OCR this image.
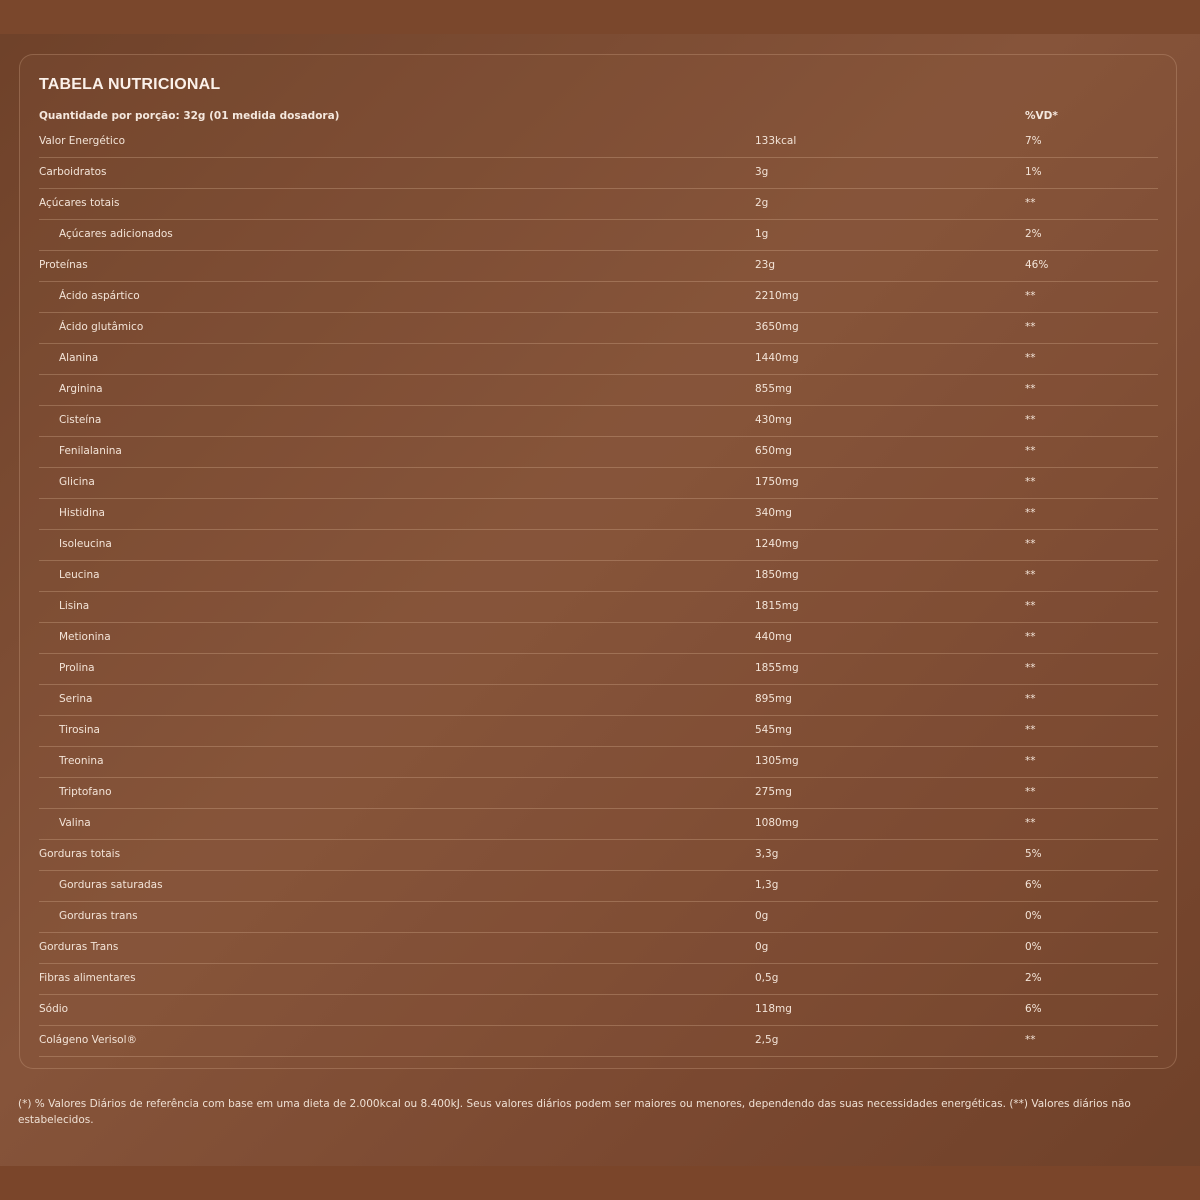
TABELA NUTRICIONAL
Quantidade por porção: 32g (01 medida dosadora)	%VD*
Valor Energético	133kcal	7%
Carboidratos	3g	1%
Açúcares totais	2g	**
Açúcares adicionados	1g	2%
Proteínas	23g	46%
Ácido aspártico	2210mg	**
Ácido glutâmico	3650mg	**
Alanina	1440mg	**
Arginina	855mg	**
Cisteína	430mg	**
Fenilalanina	650mg	**
Glicina	1750mg	**
Histidina	340mg	**
Isoleucina	1240mg	**
Leucina	1850mg	**
Lisina	1815mg	**
Metionina	440mg	**
Prolina	1855mg	**
Serina	895mg	**
Tirosina	545mg	**
Treonina	1305mg	**
Triptofano	275mg	**
Valina	1080mg	**
Gorduras totais	3,3g	5%
Gorduras saturadas	1,3g	6%
Gorduras trans	0g	0%
Gorduras Trans	0g	0%
Fibras alimentares	0,5g	2%
Sódio	118mg	6%
Colágeno Verisol®	2,5g	**

(*) % Valores Diários de referência com base em uma dieta de 2.000kcal ou 8.400kJ. Seus valores diários podem ser maiores ou menores, dependendo das suas necessidades energéticas. (**) Valores diários não estabelecidos.
